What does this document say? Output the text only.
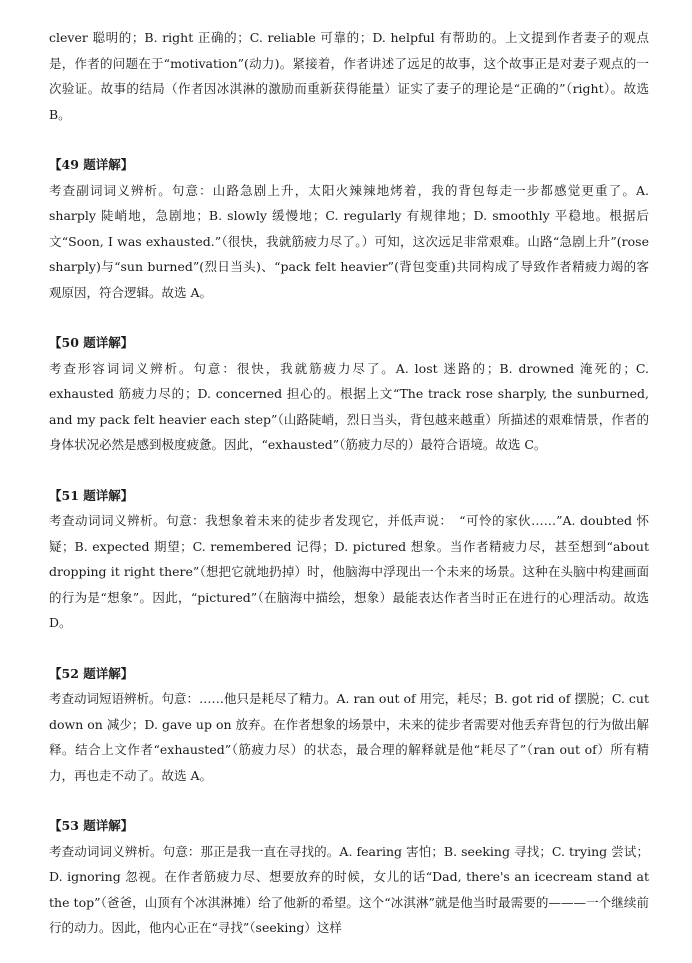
clever 聪明的；B. right 正确的；C. reliable 可靠的；D. helpful 有帮助的。上文提到作者妻子的观点是，作者的问题在于“motivation”(动力)。紧接着，作者讲述了远足的故事，这个故事正是对妻子观点的一次验证。故事的结局（作者因冰淇淋的激励而重新获得能量）证实了妻子的理论是“正确的”（right）。故选 B。

【49 题详解】

考查副词词义辨析。句意：山路急剧上升，太阳火辣辣地烤着，我的背包每走一步都感觉更重了。A. sharply 陡峭地，急剧地；B. slowly 缓慢地；C. regularly 有规律地；D. smoothly 平稳地。根据后文“Soon, I was exhausted.”（很快，我就筋疲力尽了。）可知，这次远足非常艰难。山路“急剧上升”(rose sharply)与“sun burned”(烈日当头)、“pack felt heavier”(背包变重)共同构成了导致作者精疲力竭的客观原因，符合逻辑。故选 A。

【50 题详解】

考查形容词词义辨析。句意：很快，我就筋疲力尽了。A. lost 迷路的；B. drowned 淹死的；C. exhausted 筋疲力尽的；D. concerned 担心的。根据上文“The track rose sharply, the sunburned, and my pack felt heavier each step”（山路陡峭，烈日当头，背包越来越重）所描述的艰难情景，作者的身体状况必然是感到极度疲惫。因此，“exhausted”（筋疲力尽的）最符合语境。故选 C。

【51 题详解】

考查动词词义辨析。句意：我想象着未来的徒步者发现它，并低声说：　“可怜的家伙……”A. doubted 怀疑；B. expected 期望；C. remembered 记得；D. pictured 想象。当作者精疲力尽，甚至想到“about dropping it right there”（想把它就地扔掉）时，他脑海中浮现出一个未来的场景。这种在头脑中构建画面的行为是“想象”。因此，“pictured”（在脑海中描绘，想象）最能表达作者当时正在进行的心理活动。故选 D。

【52 题详解】

考查动词短语辨析。句意：……他只是耗尽了精力。A. ran out of 用完，耗尽；B. got rid of 摆脱；C. cut down on 减少；D. gave up on 放弃。在作者想象的场景中，未来的徒步者需要对他丢弃背包的行为做出解释。结合上文作者“exhausted”（筋疲力尽）的状态，最合理的解释就是他“耗尽了”（ran out of）所有精力，再也走不动了。故选 A。

【53 题详解】

考查动词词义辨析。句意：那正是我一直在寻找的。A. fearing 害怕；B. seeking 寻找；C. trying 尝试；D. ignoring 忽视。在作者筋疲力尽、想要放弃的时候，女儿的话“Dad, there's an icecream stand at the top”（爸爸，山顶有个冰淇淋摊）给了他新的希望。这个“冰淇淋”就是他当时最需要的———一个继续前行的动力。因此，他内心正在“寻找”（seeking）这样
